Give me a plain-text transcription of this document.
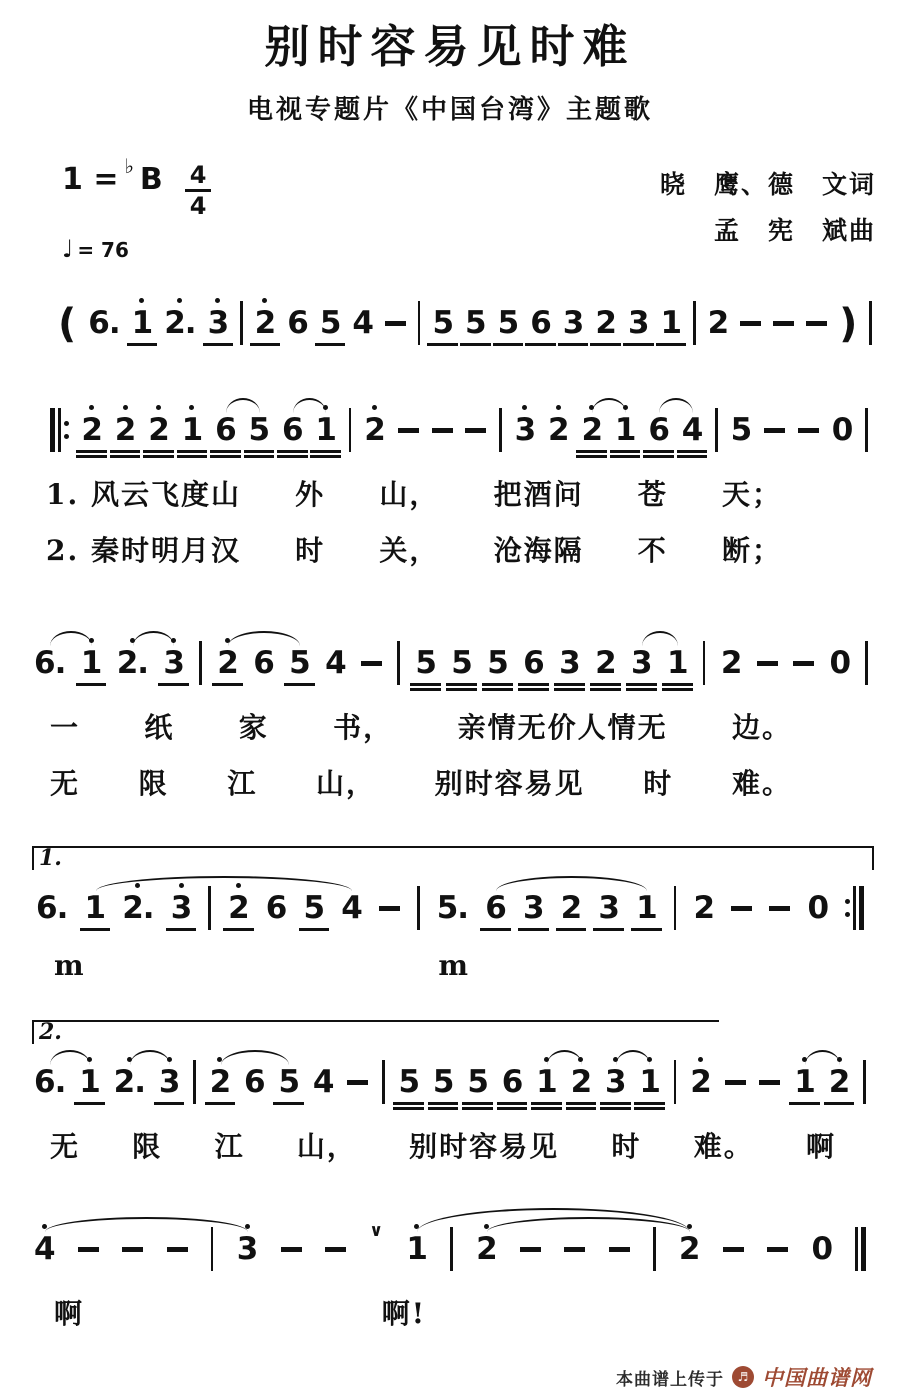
别时容易见时难
电视专题片《中国台湾》主题歌
1 = ♭ B $\frac{4}{4}$
♩ = 76
晓　鹰、德　文词
孟　宪　斌曲
( 6. 1 2. 3 2 6 5 4 5 5 5 6 3 2 3 1 2	)
2 2 2 1 6 5 6 1 2	3 2 2 1 6 4 5	0
1. 风云飞度山 外 山， 把酒问 苍 天；
2. 秦时明月汉 时 关， 沧海隔 不 断；
6. 1 2. 3 2 6 5 4 5 5 5 6 3 2 3 1 2	0
一 纸 家 书， 亲情无价人情无 边。
无 限 江 山， 别时容易见 时 难。
1.
6. 1 2. 3 2 6 5 4 5. 6 3 2 3 1 2	0
m	m
2.
6. 1 2. 3 2 6 5 4 5 5 5 6 1 2 3 1 2	1 2
无 限 江 山， 别时容易见 时 难。 啊
4	3	∨ 1 2	2	0
啊	啊!
本曲谱上传于 ♬ 中国曲谱网
